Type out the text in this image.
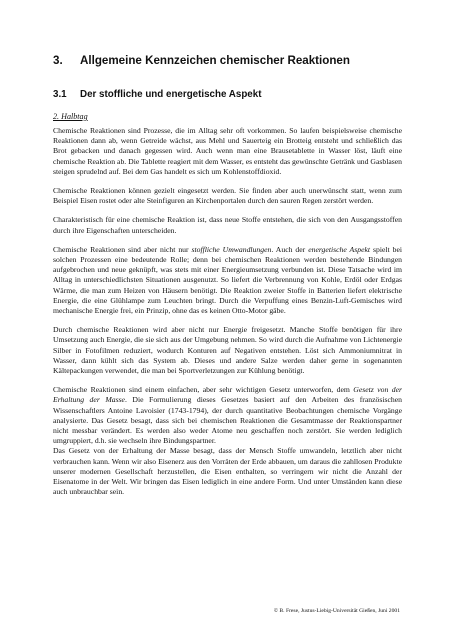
3. Allgemeine Kennzeichen chemischer Reaktionen
3.1 Der stoffliche und energetische Aspekt
2. Halbtag

Chemische Reaktionen sind Prozesse, die im Alltag sehr oft vorkommen. So laufen beispielsweise chemische Reaktionen dann ab, wenn Getreide wächst, aus Mehl und Sauerteig ein Brotteig entsteht und schließlich das Brot gebacken und danach gegessen wird. Auch wenn man eine Brausetablette in Wasser löst, läuft eine chemische Reaktion ab. Die Tablette reagiert mit dem Wasser, es entsteht das gewünschte Getränk und Gasblasen steigen sprudelnd auf. Bei dem Gas handelt es sich um Kohlenstoffdioxid.

Chemische Reaktionen können gezielt eingesetzt werden. Sie finden aber auch unerwünscht statt, wenn zum Beispiel Eisen rostet oder alte Steinfiguren an Kirchenportalen durch den sauren Regen zerstört werden.

Charakteristisch für eine chemische Reaktion ist, dass neue Stoffe entstehen, die sich von den Ausgangsstoffen durch ihre Eigenschaften unterscheiden.

Chemische Reaktionen sind aber nicht nur stoffliche Umwandlungen. Auch der energetische Aspekt spielt bei solchen Prozessen eine bedeutende Rolle; denn bei chemischen Reaktionen werden bestehende Bindungen aufgebrochen und neue geknüpft, was stets mit einer Energieumsetzung verbunden ist. Diese Tatsache wird im Alltag in unterschiedlichsten Situationen ausgenutzt. So liefert die Verbrennung von Kohle, Erdöl oder Erdgas Wärme, die man zum Heizen von Häusern benötigt. Die Reaktion zweier Stoffe in Batterien liefert elektrische Energie, die eine Glühlampe zum Leuchten bringt. Durch die Verpuffung eines Benzin-Luft-Gemisches wird mechanische Energie frei, ein Prinzip, ohne das es keinen Otto-Motor gäbe.

Durch chemische Reaktionen wird aber nicht nur Energie freigesetzt. Manche Stoffe benötigen für ihre Umsetzung auch Energie, die sie sich aus der Umgebung nehmen. So wird durch die Aufnahme von Lichtenergie Silber in Fotofilmen reduziert, wodurch Konturen auf Negativen entstehen. Löst sich Ammoniumnitrat in Wasser, dann kühlt sich das System ab. Dieses und andere Salze werden daher gerne in sogenannten Kältepackungen verwendet, die man bei Sportverletzungen zur Kühlung benötigt.

Chemische Reaktionen sind einem einfachen, aber sehr wichtigen Gesetz unterworfen, dem Gesetz von der Erhaltung der Masse. Die Formulierung dieses Gesetzes basiert auf den Arbeiten des französischen Wissenschaftlers Antoine Lavoisier (1743-1794), der durch quantitative Beobachtungen chemische Vorgänge analysierte. Das Gesetz besagt, dass sich bei chemischen Reaktionen die Gesamtmasse der Reaktionspartner nicht messbar verändert. Es werden also weder Atome neu geschaffen noch zerstört. Sie werden lediglich umgruppiert, d.h. sie wechseln ihre Bindungspartner.

Das Gesetz von der Erhaltung der Masse besagt, dass der Mensch Stoffe umwandeln, letztlich aber nicht verbrauchen kann. Wenn wir also Eisenerz aus den Vorräten der Erde abbauen, um daraus die zahllosen Produkte unserer modernen Gesellschaft herzustellen, die Eisen enthalten, so verringern wir nicht die Anzahl der Eisenatome in der Welt. Wir bringen das Eisen lediglich in eine andere Form. Und unter Umständen kann diese auch unbrauchbar sein.

© B. Frese, Justus-Liebig-Universität Gießen, Juni 2001
